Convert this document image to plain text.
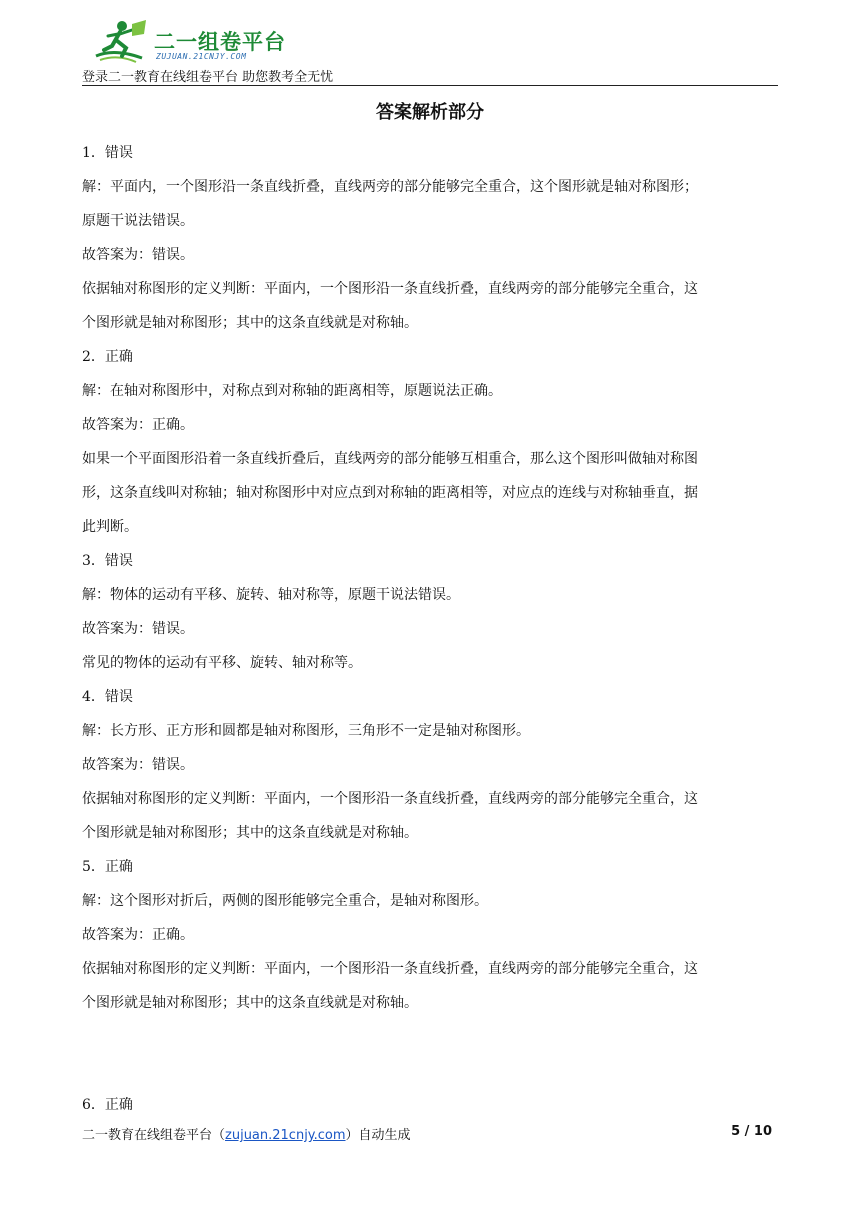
二一组卷平台
ZUJUAN.21CNJY.COM
登录二一教育在线组卷平台 助您教考全无忧
答案解析部分

1．错误

解：平面内，一个图形沿一条直线折叠，直线两旁的部分能够完全重合，这个图形就是轴对称图形；

原题干说法错误。

故答案为：错误。

依据轴对称图形的定义判断：平面内，一个图形沿一条直线折叠，直线两旁的部分能够完全重合，这

个图形就是轴对称图形；其中的这条直线就是对称轴。

2．正确

解：在轴对称图形中，对称点到对称轴的距离相等，原题说法正确。

故答案为：正确。

如果一个平面图形沿着一条直线折叠后，直线两旁的部分能够互相重合，那么这个图形叫做轴对称图

形，这条直线叫对称轴；轴对称图形中对应点到对称轴的距离相等，对应点的连线与对称轴垂直，据

此判断。

3．错误

解：物体的运动有平移、旋转、轴对称等，原题干说法错误。

故答案为：错误。

常见的物体的运动有平移、旋转、轴对称等。

4．错误

解：长方形、正方形和圆都是轴对称图形，三角形不一定是轴对称图形。

故答案为：错误。

依据轴对称图形的定义判断：平面内，一个图形沿一条直线折叠，直线两旁的部分能够完全重合，这

个图形就是轴对称图形；其中的这条直线就是对称轴。

5．正确

解：这个图形对折后，两侧的图形能够完全重合，是轴对称图形。

故答案为：正确。

依据轴对称图形的定义判断：平面内，一个图形沿一条直线折叠，直线两旁的部分能够完全重合，这

个图形就是轴对称图形；其中的这条直线就是对称轴。

6．正确

二一教育在线组卷平台（zujuan.21cnjy.com）自动生成	5 / 10
